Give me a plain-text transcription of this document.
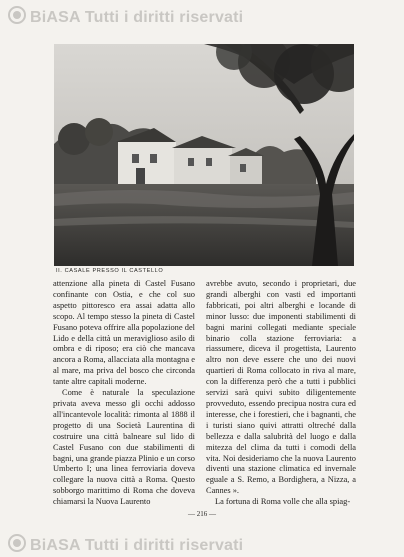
BiASA Tutti i diritti riservati
II. CASALE PRESSO IL CASTELLO

attenzione alla pineta di Castel Fusano confinante con Ostia, e che col suo aspetto pittoresco era assai adatta allo scopo. Al tempo stesso la pineta di Castel Fusano poteva offrire alla popolazione del Lido e della città un meraviglioso asilo di ombra e di riposo; era ciò che mancava ancora a Roma, allacciata alla montagna e al mare, ma priva del bosco che circonda tante altre capitali moderne.

Come è naturale la speculazione privata aveva messo gli occhi addosso all'incantevole località: rimonta al 1888 il progetto di una Società Laurentina di costruire una città balneare sul lido di Castel Fusano con due stabilimenti di bagni, una grande piazza Plinio e un corso Umberto I; una linea ferroviaria doveva collegare la nuova città a Roma. Questo sobborgo marittimo di Roma che doveva chiamarsi la Nuova Laurento

avrebbe avuto, secondo i proprietari, due grandi alberghi con vasti ed importanti fabbricati, poi altri alberghi e locande di minor lusso: due imponenti stabilimenti di bagni marini collegati mediante speciale binario colla stazione ferroviaria: a riassumere, diceva il progettista, Laurento altro non deve essere che uno dei nuovi quartieri di Roma collocato in riva al mare, con la differenza però che a tutti i pubblici servizi sarà quivi subito diligentemente provveduto, essendo precipua nostra cura ed interesse, che i forestieri, che i bagnanti, che i turisti siano quivi attratti oltreché dalla bellezza e dalla salubrità del luogo e dalla mitezza del clima da tutti i comodi della vita. Noi desideriamo che la nuova Laurento diventi una stazione climatica ed invernale eguale a S. Remo, a Bordighera, a Nizza, a Cannes ».

La fortuna di Roma volle che alla spiag-

— 216 —
BiASA Tutti i diritti riservati
